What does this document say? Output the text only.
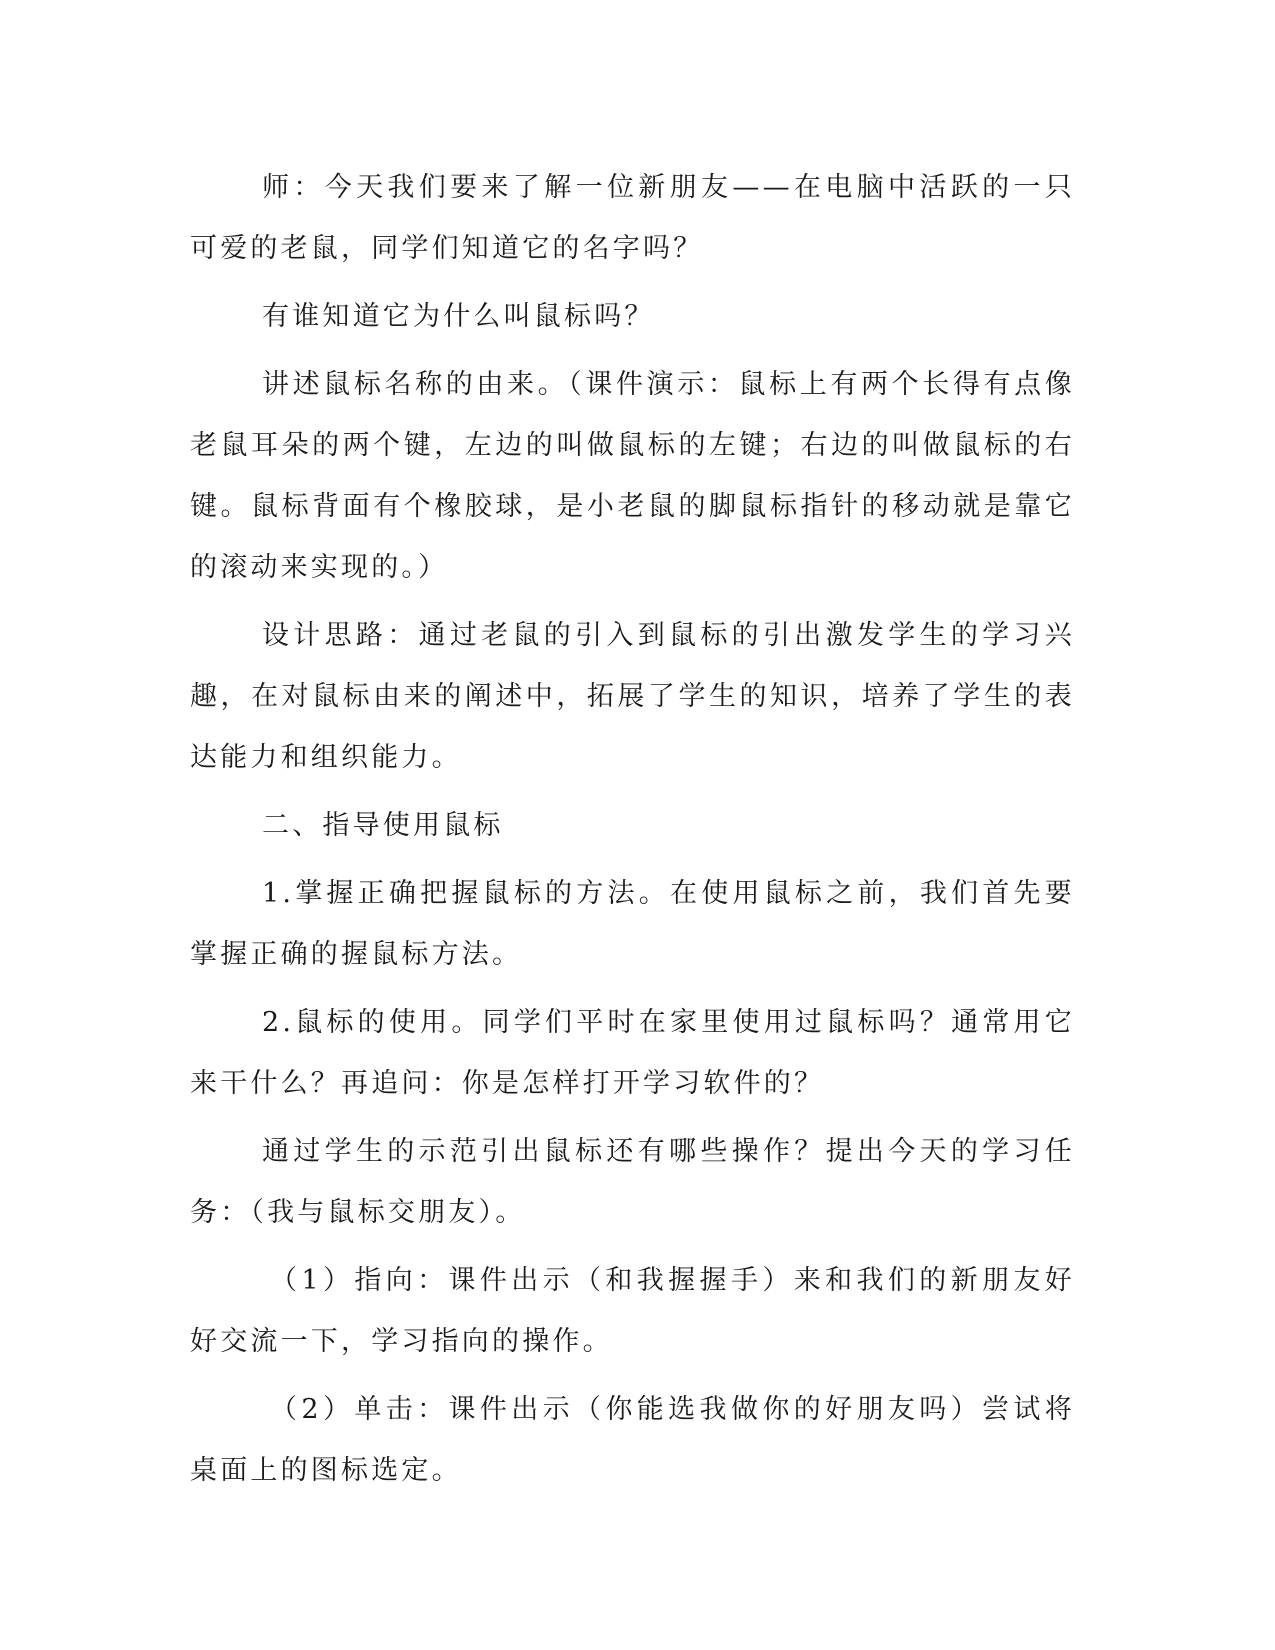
师：今天我们要来了解一位新朋友——在电脑中活跃的一只可爱的老鼠，同学们知道它的名字吗？

有谁知道它为什么叫鼠标吗？

讲述鼠标名称的由来。（课件演示：鼠标上有两个长得有点像老鼠耳朵的两个键，左边的叫做鼠标的左键；右边的叫做鼠标的右键。鼠标背面有个橡胶球，是小老鼠的脚鼠标指针的移动就是靠它的滚动来实现的。）

设计思路：通过老鼠的引入到鼠标的引出激发学生的学习兴趣，在对鼠标由来的阐述中，拓展了学生的知识，培养了学生的表达能力和组织能力。

二、指导使用鼠标

1.掌握正确把握鼠标的方法。在使用鼠标之前，我们首先要掌握正确的握鼠标方法。

2.鼠标的使用。同学们平时在家里使用过鼠标吗？通常用它来干什么？再追问：你是怎样打开学习软件的？

通过学生的示范引出鼠标还有哪些操作？提出今天的学习任务：（我与鼠标交朋友）。

（1）指向：课件出示（和我握握手）来和我们的新朋友好好交流一下，学习指向的操作。

（2）单击：课件出示（你能选我做你的好朋友吗）尝试将桌面上的图标选定。
